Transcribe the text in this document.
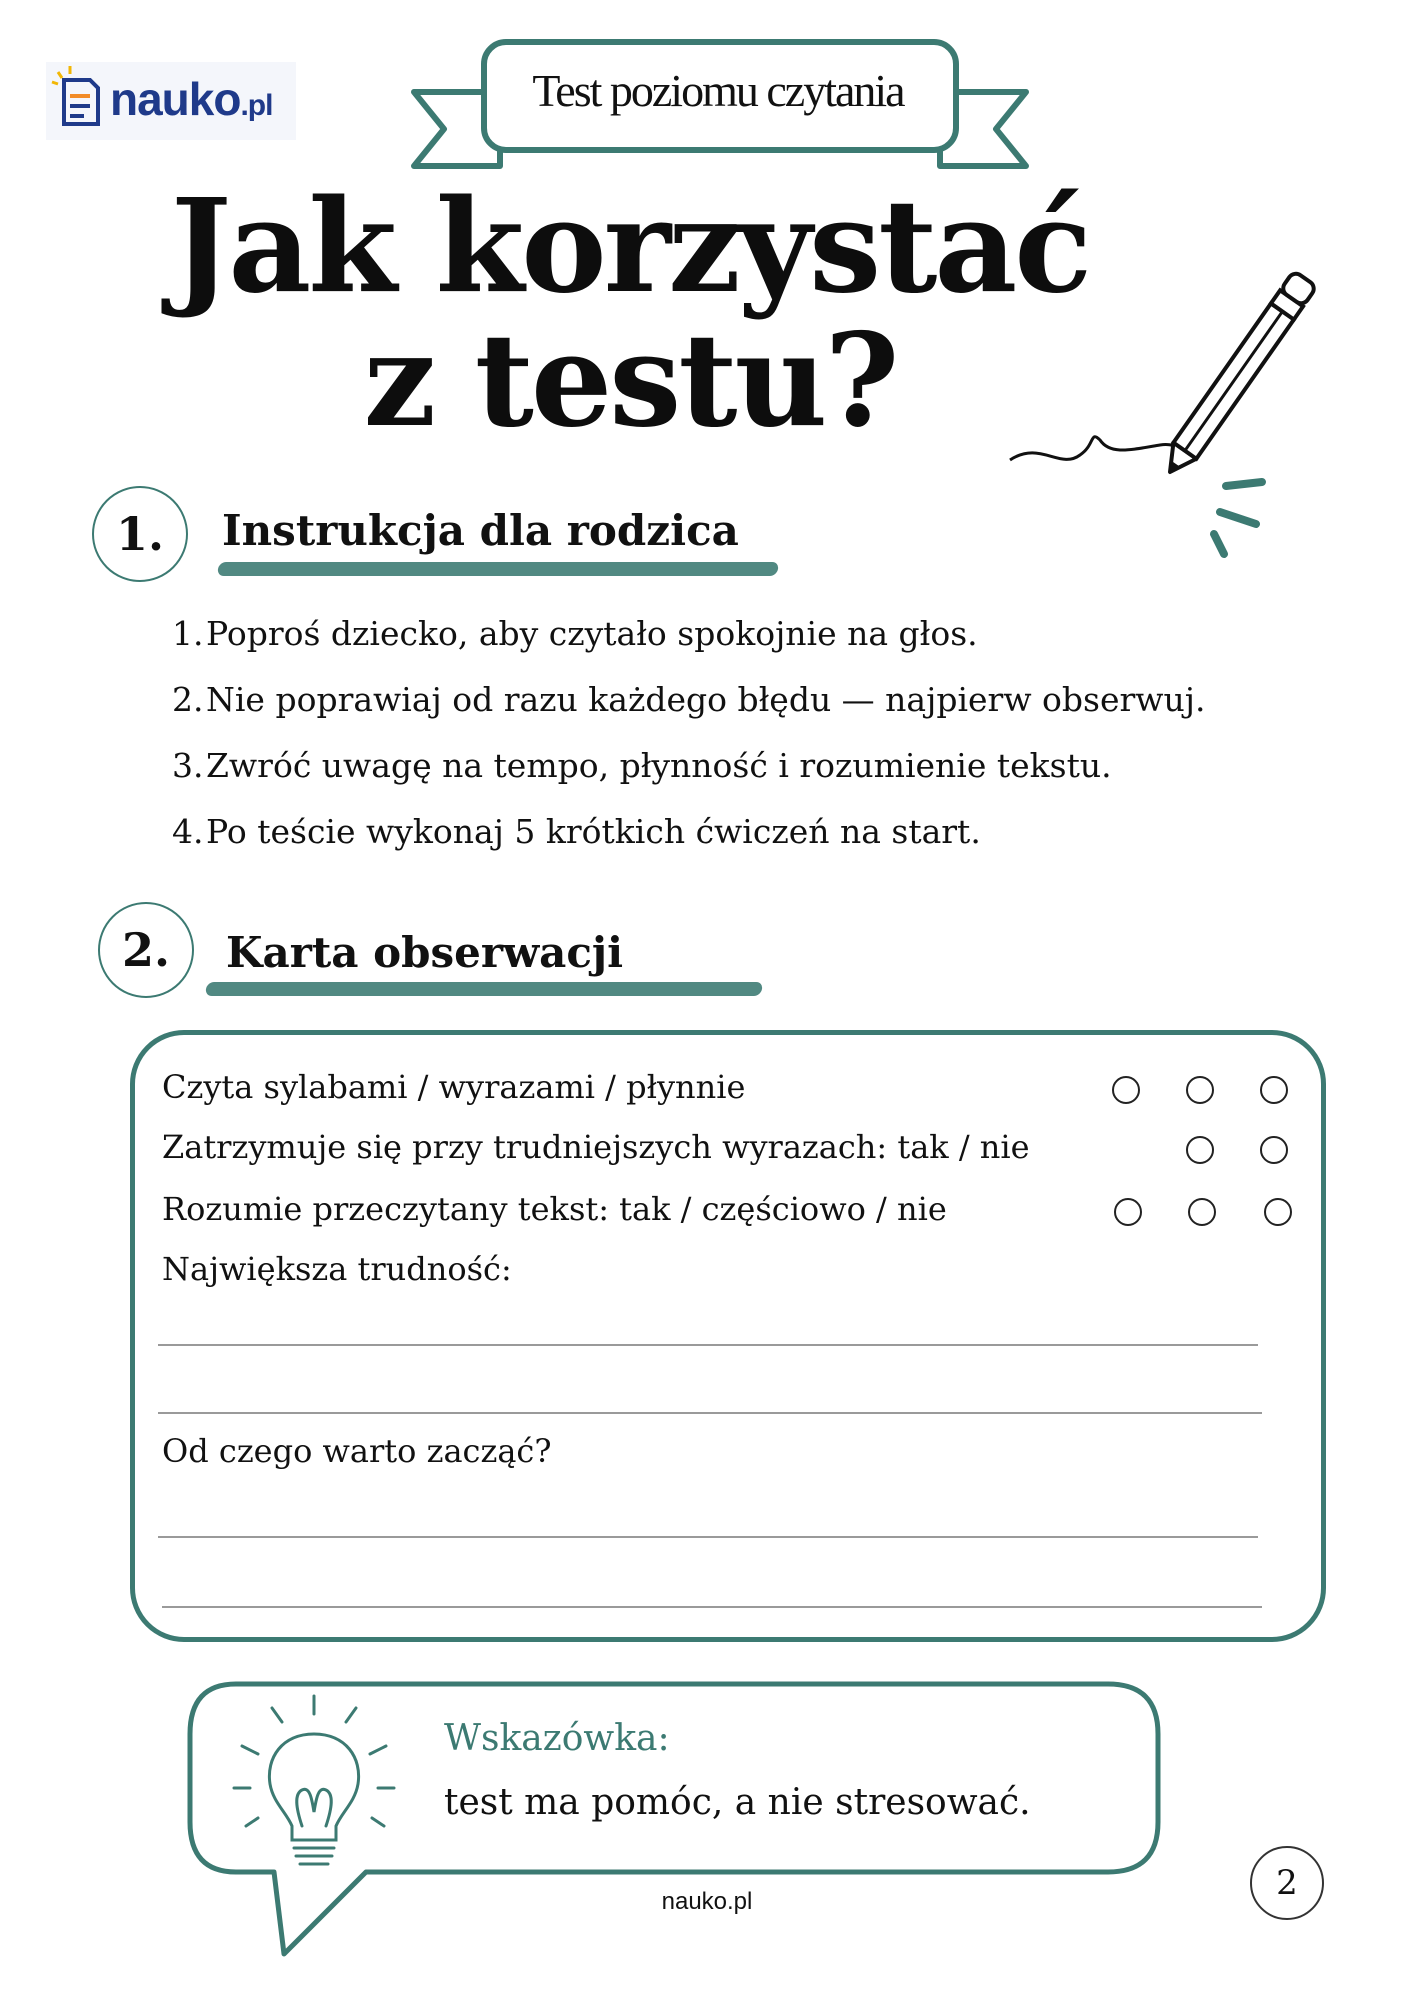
nauko.pl	Test poziomu czytania
Jak korzystać
z testu?
1.	Instrukcja dla rodzica
1. Poproś dziecko, aby czytało spokojnie na głos.
2. Nie poprawiaj od razu każdego błędu — najpierw obserwuj.
3. Zwróć uwagę na tempo, płynność i rozumienie tekstu.
4. Po teście wykonaj 5 krótkich ćwiczeń na start.
2.	Karta obserwacji
Czyta sylabami / wyrazami / płynnie
Zatrzymuje się przy trudniejszych wyrazach: tak / nie
Rozumie przeczytany tekst: tak / częściowo / nie
Największa trudność:
Od czego warto zacząć?
Wskazówka:
test ma pomóc, a nie stresować.
nauko.pl	2
